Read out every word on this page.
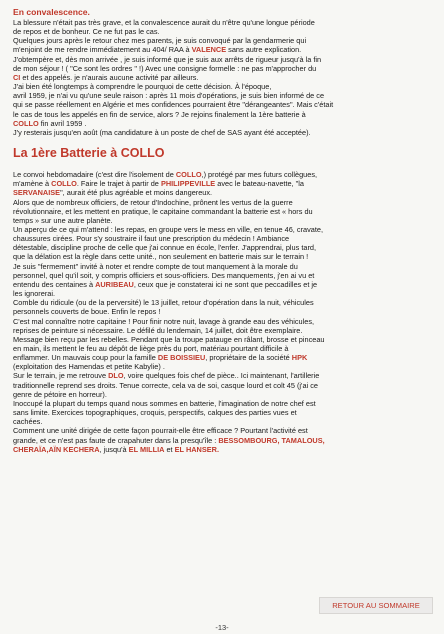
En convalescence.

La blessure n'était pas très grave, et la convalescence aurait du n'être qu'une longue période

de repos et de bonheur. Ce ne fut pas le cas.

Quelques jours après le retour chez mes parents, je suis convoqué par la gendarmerie qui

m'enjoint de me rendre immédiatement au 404/ RAA à VALENCE sans autre explication.

J'obtempère et, dès mon arrivée , je suis informé que je suis aux arrêts de rigueur jusqu'à la fin

de mon séjour ! ( "Ce sont les ordres " !) Avec une consigne formelle : ne pas m'approcher du

CI et des appelés. je n'aurais aucune activité par ailleurs.

J'ai bien été longtemps à comprendre le pourquoi de cette décision. À l'époque,

avril 1959, je n'ai vu qu'une seule raison : après 11 mois d'opérations, je suis bien informé de ce

qui se passe réellement en Algérie et mes confidences pourraient être "dérangeantes". Mais c'était

le cas de tous les appelés en fin de service, alors ? Je rejoins finalement la 1ère batterie à

COLLO fin avril 1959 .

J'y resterais jusqu'en août (ma candidature à un poste de chef de SAS ayant été acceptée).

La 1ère Batterie à COLLO

Le convoi hebdomadaire (c'est dire l'isolement de COLLO,) protégé par mes futurs collègues,

m'amène à COLLO. Faire le trajet à partir de PHILIPPEVILLE avec le bateau-navette, "la

SERVANAISE", aurait été plus agréable et moins dangereux.

Alors que de nombreux officiers, de retour d'Indochine, prônent les vertus de la guerre

révolutionnaire, et les mettent en pratique, le capitaine commandant la batterie est « hors du

temps » sur une autre planète.

Un aperçu de ce qui m'attend : les repas, en groupe vers le mess en ville, en tenue 46, cravate,

chaussures cirées. Pour s'y soustraire il faut une prescription du médecin ! Ambiance

détestable, discipline proche de celle que j'ai connue en école, l'enfer. J'apprendrai, plus tard,

que la délation est la règle dans cette unité., non seulement en batterie mais sur le terrain !

Je suis "fermement" invité à noter et rendre compte de tout manquement à la morale du

personnel, quel qu'il soit, y compris officiers et sous-officiers. Des manquements, j'en ai vu et

entendu des centaines à AURIBEAU, ceux que je constaterai ici ne sont que peccadilles et je

les ignorerai.

Comble du ridicule (ou de la perversité) le 13 juillet, retour d'opération dans la nuit, véhicules

personnels couverts de boue. Enfin le repos !

C'est mal connaître notre capitaine ! Pour finir notre nuit, lavage à grande eau des véhicules,

reprises de peinture si nécessaire. Le défilé du lendemain, 14 juillet, doit être exemplaire.

Message bien reçu par les rebelles. Pendant que la troupe patauge en râlant, brosse et pinceau

en main, ils mettent le feu au dépôt de liège près du port, matériau pourtant difficile à

enflammer. Un mauvais coup pour la famille DE BOISSIEU, propriétaire de la société HPK

(exploitation des Hamendas et petite Kabylie) .

Sur le terrain, je me retrouve DLO, voire quelques fois chef de pièce.. Ici maintenant, l'artillerie

traditionnelle reprend ses droits. Tenue correcte, cela va de soi, casque lourd et colt 45 (j'ai ce

genre de pétoire en horreur).

Inoccupé la plupart du temps quand nous sommes en batterie, l'imagination de notre chef est

sans limite. Exercices topographiques, croquis, perspectifs, calques des parties vues et

cachées.

Comment une unité dirigée de cette façon pourrait-elle être efficace ? Pourtant l'activité est

grande, et ce n'est pas faute de crapahuter dans la presqu'île : BESSOMBOURG, TAMALOUS,

CHERAÏA,AÏN KECHERA, jusqu'à EL MILLIA et EL HANSER.

RETOUR AU SOMMAIRE
-13-
